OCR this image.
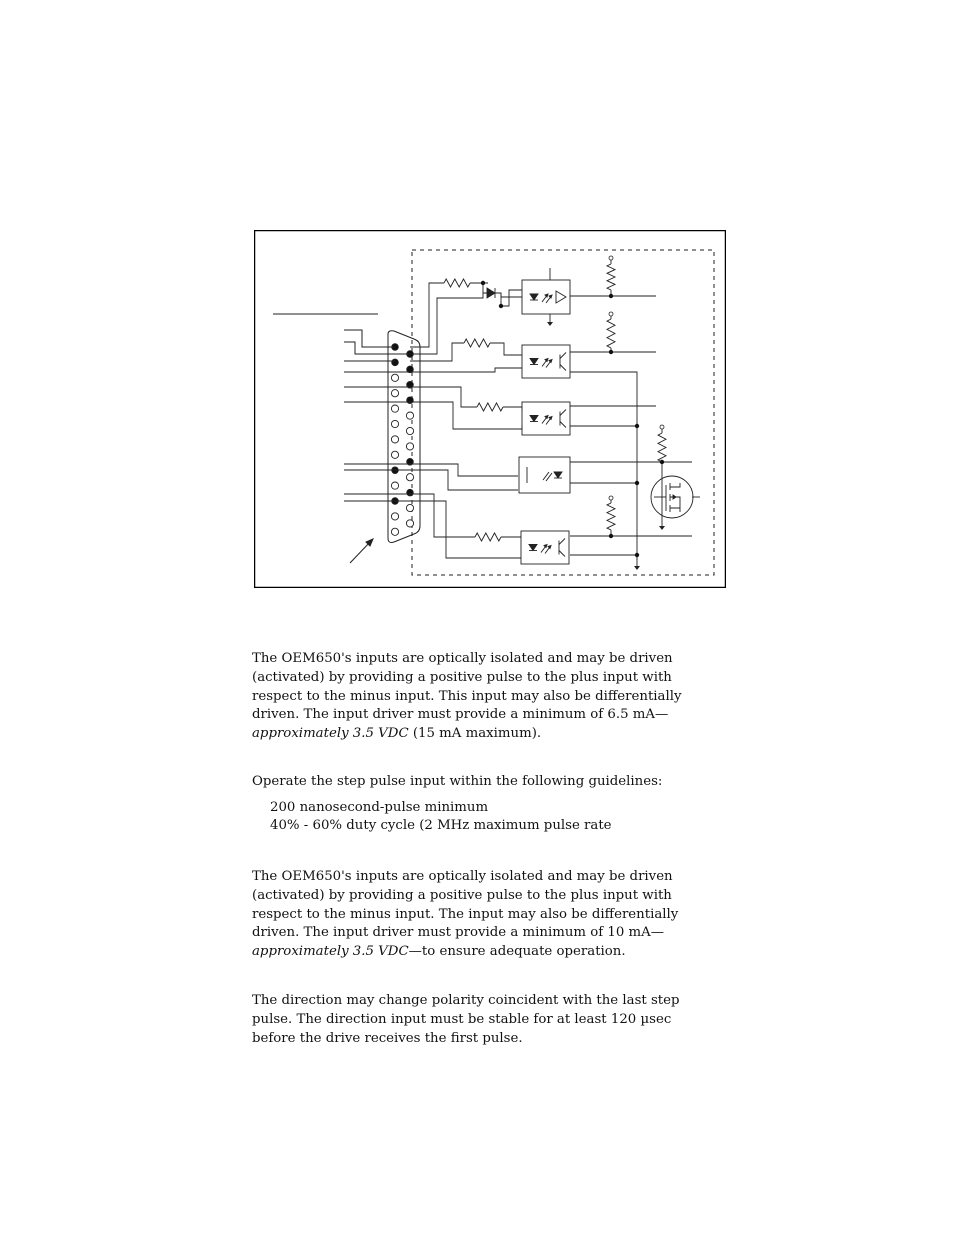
The OEM650's inputs are optically isolated and may be driven

(activated) by providing a positive pulse to the plus input with

respect to the minus input. This input may also be differentially

driven. The input driver must provide a minimum of 6.5 mA—

approximately 3.5 VDC (15 mA maximum).

Operate the step pulse input within the following guidelines:

200 nanosecond-pulse minimum

40% - 60% duty cycle (2 MHz maximum pulse rate

The OEM650's inputs are optically isolated and may be driven

(activated) by providing a positive pulse to the plus input with

respect to the minus input. The input may also be differentially

driven. The input driver must provide a minimum of 10 mA—

approximately 3.5 VDC—to ensure adequate operation.

The direction may change polarity coincident with the last step

pulse. The direction input must be stable for at least 120 µsec

before the drive receives the first pulse.
